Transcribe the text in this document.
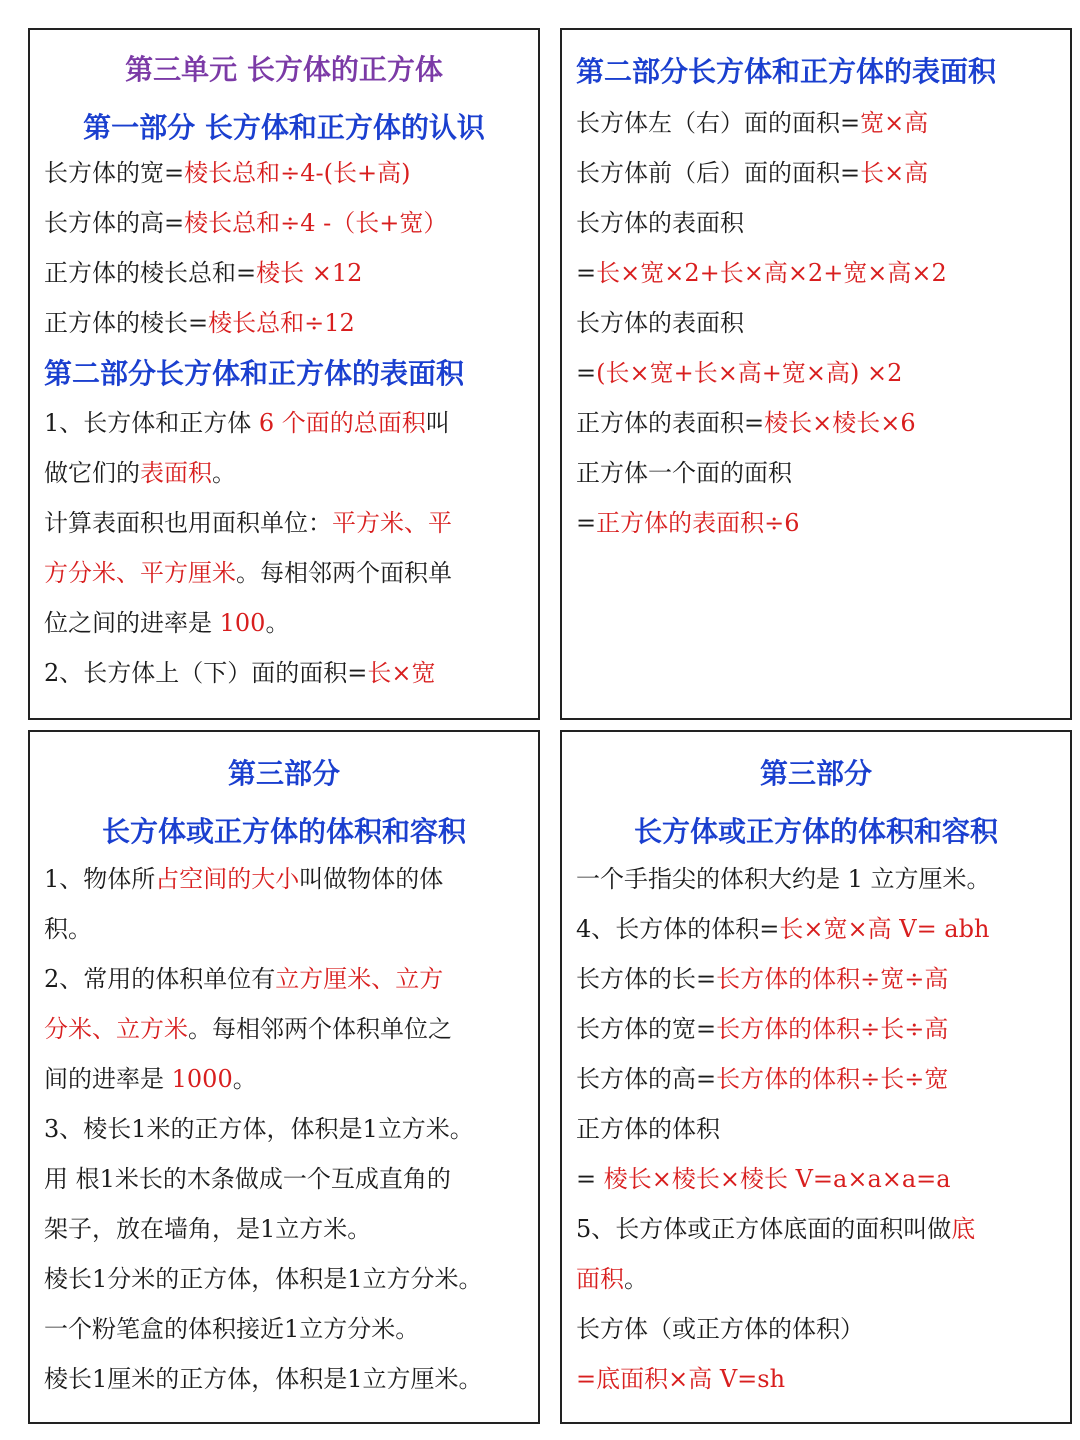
第三单元 长方体的正方体
第一部分 长方体和正方体的认识
长方体的宽=棱长总和÷4-(长+高)
长方体的高=棱长总和÷4 -（长+宽）
正方体的棱长总和=棱长 ×12
正方体的棱长=棱长总和÷12
第二部分长方体和正方体的表面积
1、长方体和正方体 6 个面的总面积叫
做它们的表面积。
计算表面积也用面积单位：平方米、平
方分米、平方厘米。每相邻两个面积单
位之间的进率是 100。
2、长方体上（下）面的面积=长×宽
第二部分长方体和正方体的表面积
长方体左（右）面的面积=宽×高
长方体前（后）面的面积=长×高
长方体的表面积
=长×宽×2+长×高×2+宽×高×2
长方体的表面积
=(长×宽+长×高+宽×高) ×2
正方体的表面积=棱长×棱长×6
正方体一个面的面积
=正方体的表面积÷6
第三部分
长方体或正方体的体积和容积
1、物体所占空间的大小叫做物体的体
积。
2、常用的体积单位有立方厘米、立方
分米、立方米。每相邻两个体积单位之
间的进率是 1000。
3、棱长1米的正方体，体积是1立方米。
用 根1米长的木条做成一个互成直角的
架子，放在墙角，是1立方米。
棱长1分米的正方体，体积是1立方分米。
一个粉笔盒的体积接近1立方分米。
棱长1厘米的正方体，体积是1立方厘米。
第三部分
长方体或正方体的体积和容积
一个手指尖的体积大约是 1 立方厘米。
4、长方体的体积=长×宽×高 V= abh
长方体的长=长方体的体积÷宽÷高
长方体的宽=长方体的体积÷长÷高
长方体的高=长方体的体积÷长÷宽
正方体的体积
= 棱长×棱长×棱长 V=a×a×a=a
5、长方体或正方体底面的面积叫做底
面积。
长方体（或正方体的体积）
=底面积×高 V=sh
